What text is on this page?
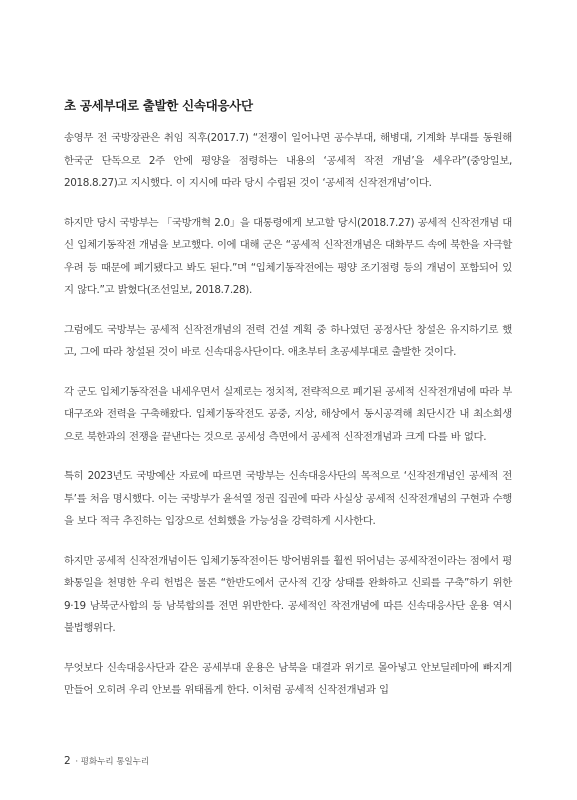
초 공세부대로 출발한 신속대응사단

송영무 전 국방장관은 취임 직후(2017.7) “전쟁이 일어나면 공수부대, 해병대, 기계화 부대를 동원해 한국군 단독으로 2주 안에 평양을 점령하는 내용의 ‘공세적 작전 개념’을 세우라”(중앙일보, 2018.8.27)고 지시했다. 이 지시에 따라 당시 수립된 것이 ‘공세적 신작전개념’이다.

하지만 당시 국방부는 「국방개혁 2.0」을 대통령에게 보고할 당시(2018.7.27) 공세적 신작전개념 대신 입체기동작전 개념을 보고했다. 이에 대해 군은 “공세적 신작전개념은 대화무드 속에 북한을 자극할 우려 등 때문에 폐기됐다고 봐도 된다.”며 “입체기동작전에는 평양 조기점령 등의 개념이 포함되어 있지 않다.”고 밝혔다(조선일보, 2018.7.28).

그럼에도 국방부는 공세적 신작전개념의 전력 건설 계획 중 하나였던 공정사단 창설은 유지하기로 했고, 그에 따라 창설된 것이 바로 신속대응사단이다. 애초부터 초공세부대로 출발한 것이다.

각 군도 입체기동작전을 내세우면서 실제로는 정치적, 전략적으로 폐기된 공세적 신작전개념에 따라 부대구조와 전력을 구축해왔다. 입체기동작전도 공중, 지상, 해상에서 동시공격해 최단시간 내 최소희생으로 북한과의 전쟁을 끝낸다는 것으로 공세성 측면에서 공세적 신작전개념과 크게 다를 바 없다.

특히 2023년도 국방예산 자료에 따르면 국방부는 신속대응사단의 목적으로 ‘신작전개념인 공세적 전투’를 처음 명시했다. 이는 국방부가 윤석열 정권 집권에 따라 사실상 공세적 신작전개념의 구현과 수행을 보다 적극 추진하는 입장으로 선회했을 가능성을 강력하게 시사한다.

하지만 공세적 신작전개념이든 입체기동작전이든 방어범위를 훨씬 뛰어넘는 공세작전이라는 점에서 평화통일을 천명한 우리 헌법은 물론 “한반도에서 군사적 긴장 상태를 완화하고 신뢰를 구축”하기 위한 9·19 남북군사합의 등 남북합의를 전면 위반한다. 공세적인 작전개념에 따른 신속대응사단 운용 역시 불법행위다.

무엇보다 신속대응사단과 같은 공세부대 운용은 남북을 대결과 위기로 몰아넣고 안보딜레마에 빠지게 만들어 오히려 우리 안보를 위태롭게 한다. 이처럼 공세적 신작전개념과 입

2 · 평화누리 통일누리
